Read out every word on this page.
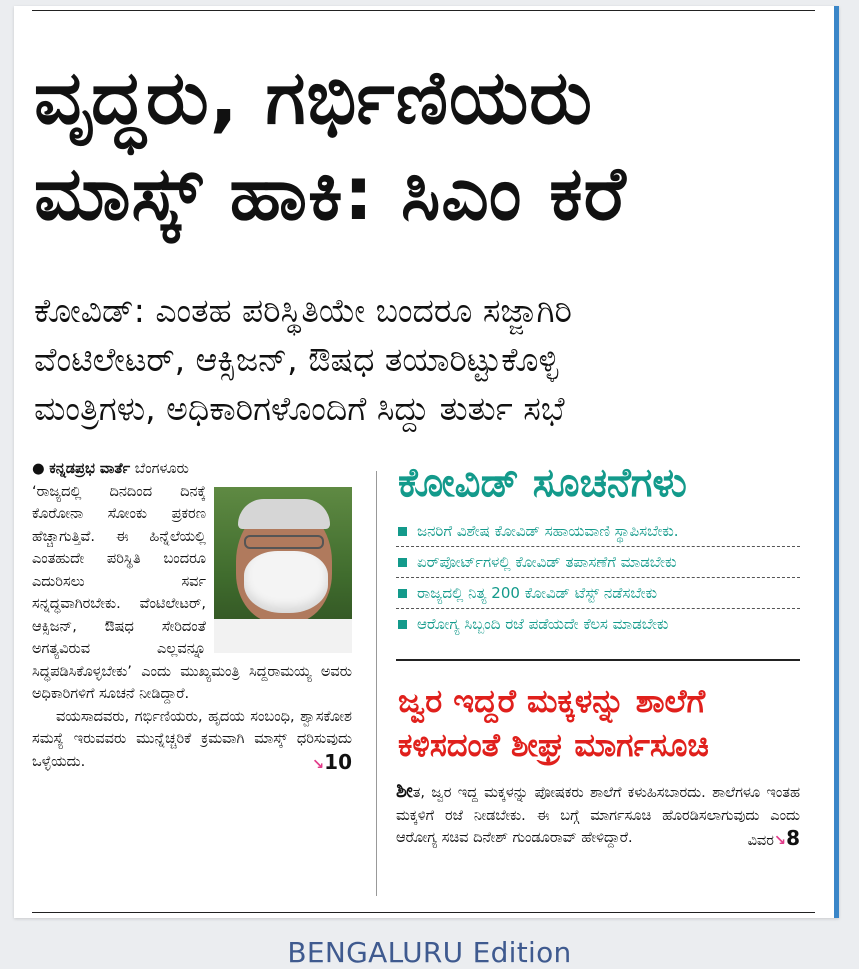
ವೃದ್ಧರು, ಗರ್ಭಿಣಿಯರು
ಮಾಸ್ಕ್ ಹಾಕಿ: ಸಿಎಂ ಕರೆ

ಕೋವಿಡ್: ಎಂತಹ ಪರಿಸ್ಥಿತಿಯೇ ಬಂದರೂ ಸಜ್ಜಾಗಿರಿ
ವೆಂಟಿಲೇಟರ್, ಆಕ್ಸಿಜನ್, ಔಷಧ ತಯಾರಿಟ್ಟುಕೊಳ್ಳಿ
ಮಂತ್ರಿಗಳು, ಅಧಿಕಾರಿಗಳೊಂದಿಗೆ ಸಿದ್ದು ತುರ್ತು ಸಭೆ

● ಕನ್ನಡಪ್ರಭ ವಾರ್ತೆ ಬೆಂಗಳೂರು
‘ರಾಜ್ಯದಲ್ಲಿ ದಿನದಿಂದ ದಿನಕ್ಕೆ ಕೊರೋನಾ ಸೋಂಕು ಪ್ರಕರಣ ಹೆಚ್ಚಾಗುತ್ತಿವೆ. ಈ ಹಿನ್ನೆಲೆಯಲ್ಲಿ ಎಂತಹುದೇ ಪರಿಸ್ಥಿತಿ ಬಂದರೂ ಎದುರಿಸಲು ಸರ್ವ ಸನ್ನದ್ಧವಾಗಿರಬೇಕು. ವೆಂಟಿಲೇಟರ್, ಆಕ್ಸಿಜನ್, ಔಷಧ ಸೇರಿದಂತೆ ಅಗತ್ಯವಿರುವ ಎಲ್ಲವನ್ನೂ ಸಿದ್ಧಪಡಿಸಿಕೊಳ್ಳಬೇಕು’ ಎಂದು ಮುಖ್ಯಮಂತ್ರಿ ಸಿದ್ದರಾಮಯ್ಯ ಅವರು ಅಧಿಕಾರಿಗಳಿಗೆ ಸೂಚನೆ ನೀಡಿದ್ದಾರೆ.
ವಯಸಾದವರು, ಗರ್ಭಿಣಿಯರು, ಹೃದಯ ಸಂಬಂಧಿ, ಶ್ವಾಸಕೋಶ ಸಮಸ್ಯೆ ಇರುವವರು ಮುನ್ನೆಚ್ಚರಿಕೆ ಕ್ರಮವಾಗಿ ಮಾಸ್ಕ್ ಧರಿಸುವುದು ಒಳ್ಳೆಯದು.	↘10
ಕೋವಿಡ್ ಸೂಚನೆಗಳು
ಜನರಿಗೆ ವಿಶೇಷ ಕೋವಿಡ್ ಸಹಾಯವಾಣಿ ಸ್ಥಾಪಿಸಬೇಕು.
ಏರ್‌ಪೋರ್ಟ್‌ಗಳಲ್ಲಿ ಕೋವಿಡ್ ತಪಾಸಣೆಗೆ ಮಾಡಬೇಕು
ರಾಜ್ಯದಲ್ಲಿ ನಿತ್ಯ 200 ಕೋವಿಡ್ ಟೆಸ್ಟ್ ನಡೆಸಬೇಕು
ಆರೋಗ್ಯ ಸಿಬ್ಬಂದಿ ರಜೆ ಪಡೆಯದೇ ಕೆಲಸ ಮಾಡಬೇಕು
ಜ್ವರ ಇದ್ದರೆ ಮಕ್ಕಳನ್ನು ಶಾಲೆಗೆ
ಕಳಿಸದಂತೆ ಶೀಘ್ರ ಮಾರ್ಗಸೂಚಿ
ಶೀತ, ಜ್ವರ ಇದ್ದ ಮಕ್ಕಳನ್ನು ಪೋಷಕರು ಶಾಲೆಗೆ ಕಳುಹಿಸಬಾರದು. ಶಾಲೆಗಳೂ ಇಂತಹ ಮಕ್ಕಳಿಗೆ ರಜೆ ನೀಡಬೇಕು. ಈ ಬಗ್ಗೆ ಮಾರ್ಗಸೂಚಿ ಹೊರಡಿಸಲಾಗುವುದು ಎಂದು ಆರೋಗ್ಯ ಸಚಿವ ದಿನೇಶ್ ಗುಂಡೂರಾವ್ ಹೇಳಿದ್ದಾರೆ.	ವಿವರ↘8
BENGALURU Edition
